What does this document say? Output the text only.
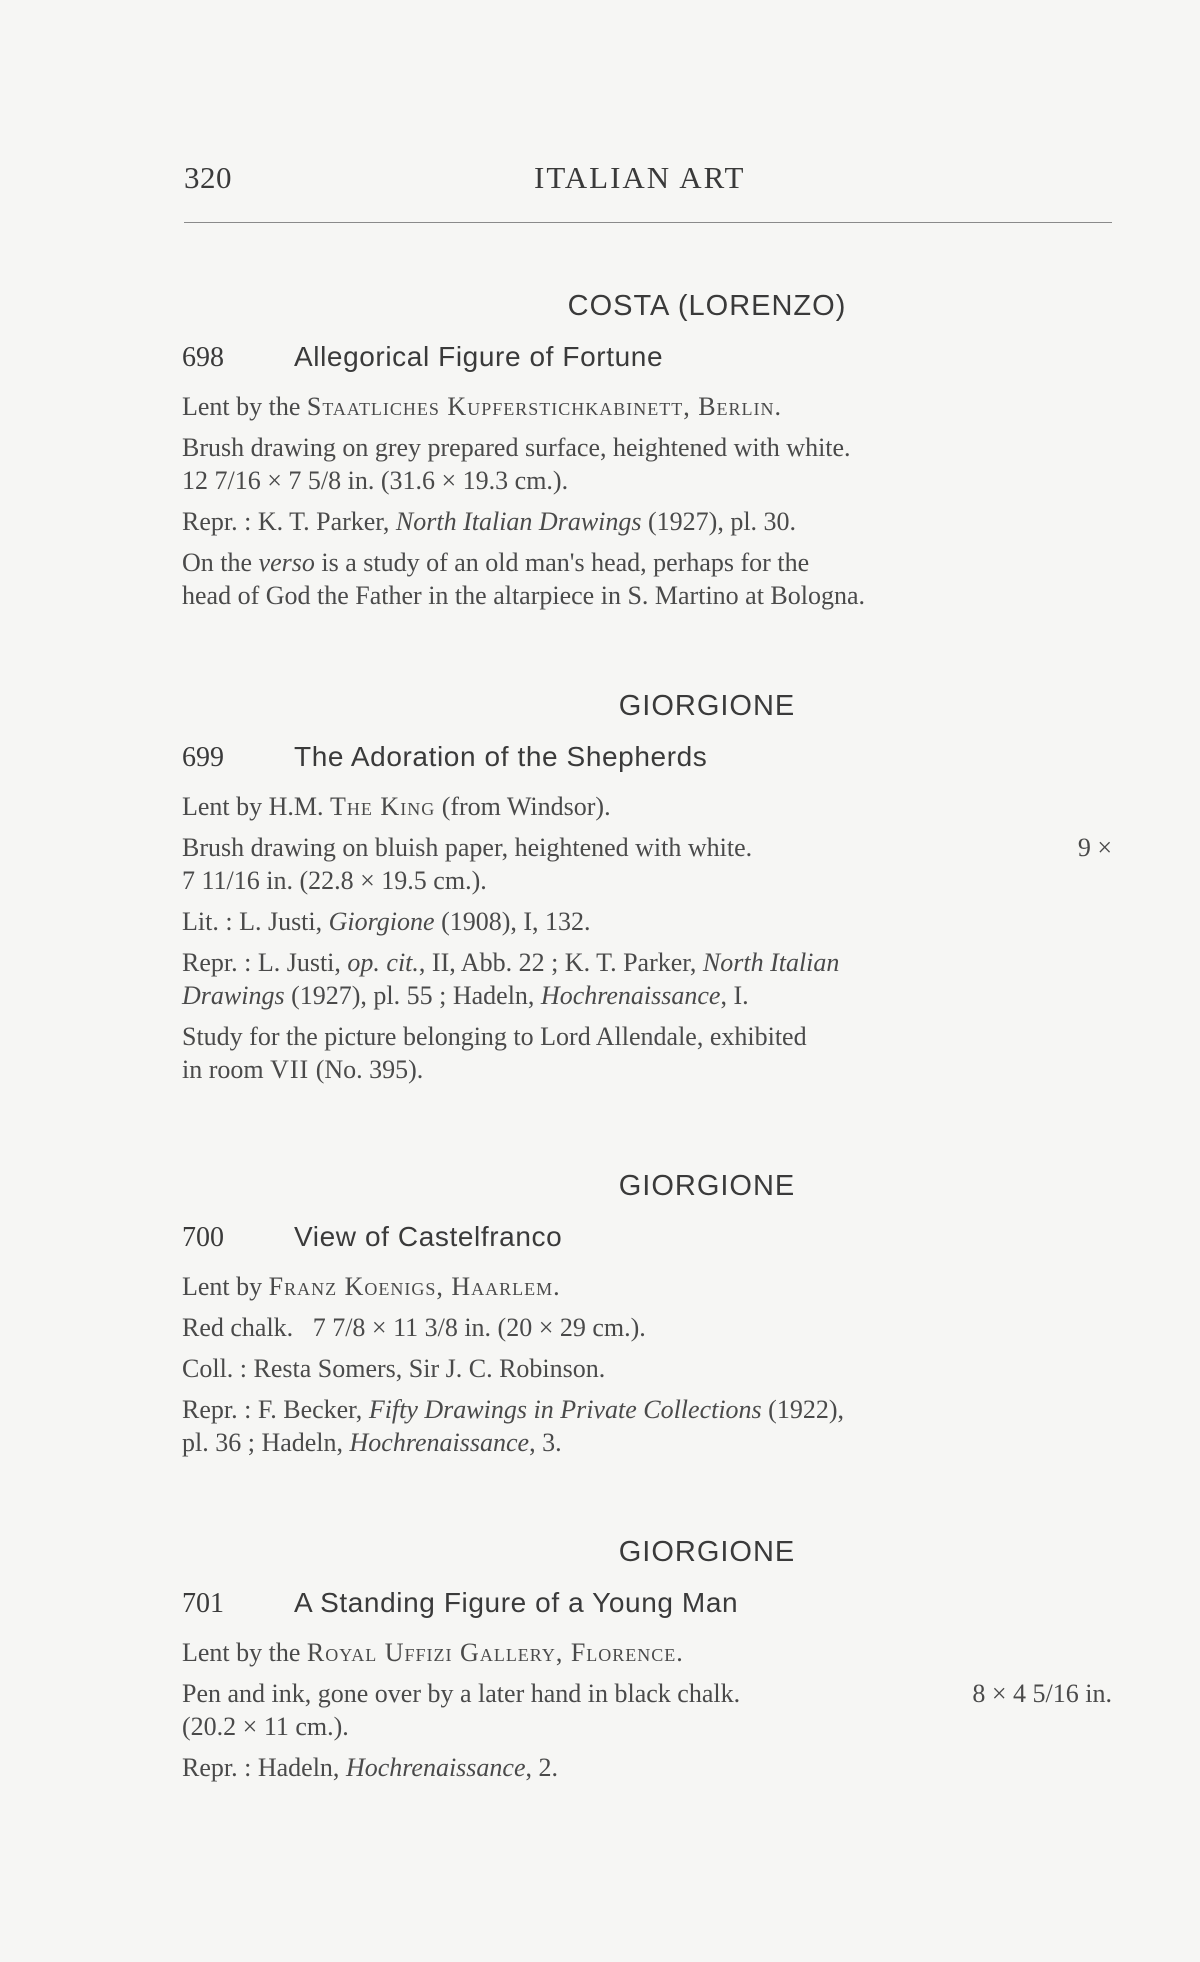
320	ITALIAN ART
COSTA (LORENZO)
698	Allegorical Figure of Fortune
Lent by the Staatliches Kupferstichkabinett, Berlin.
Brush drawing on grey prepared surface, heightened with white.
12 7/16 × 7 5/8 in. (31.6 × 19.3 cm.).
Repr. : K. T. Parker, North Italian Drawings (1927), pl. 30.
On the verso is a study of an old man's head, perhaps for the
head of God the Father in the altarpiece in S. Martino at Bologna.
GIORGIONE
699	The Adoration of the Shepherds
Lent by H.M. The King (from Windsor).
Brush drawing on bluish paper, heightened with white.	9 ×
7 11/16 in. (22.8 × 19.5 cm.).
Lit. : L. Justi, Giorgione (1908), I, 132.
Repr. : L. Justi, op. cit., II, Abb. 22 ; K. T. Parker, North Italian
Drawings (1927), pl. 55 ; Hadeln, Hochrenaissance, I.
Study for the picture belonging to Lord Allendale, exhibited
in room VII (No. 395).
GIORGIONE
700	View of Castelfranco
Lent by Franz Koenigs, Haarlem.
Red chalk. 7 7/8 × 11 3/8 in. (20 × 29 cm.).
Coll. : Resta Somers, Sir J. C. Robinson.
Repr. : F. Becker, Fifty Drawings in Private Collections (1922),
pl. 36 ; Hadeln, Hochrenaissance, 3.
GIORGIONE
701	A Standing Figure of a Young Man
Lent by the Royal Uffizi Gallery, Florence.
Pen and ink, gone over by a later hand in black chalk.	8 × 4 5/16 in.
(20.2 × 11 cm.).
Repr. : Hadeln, Hochrenaissance, 2.
